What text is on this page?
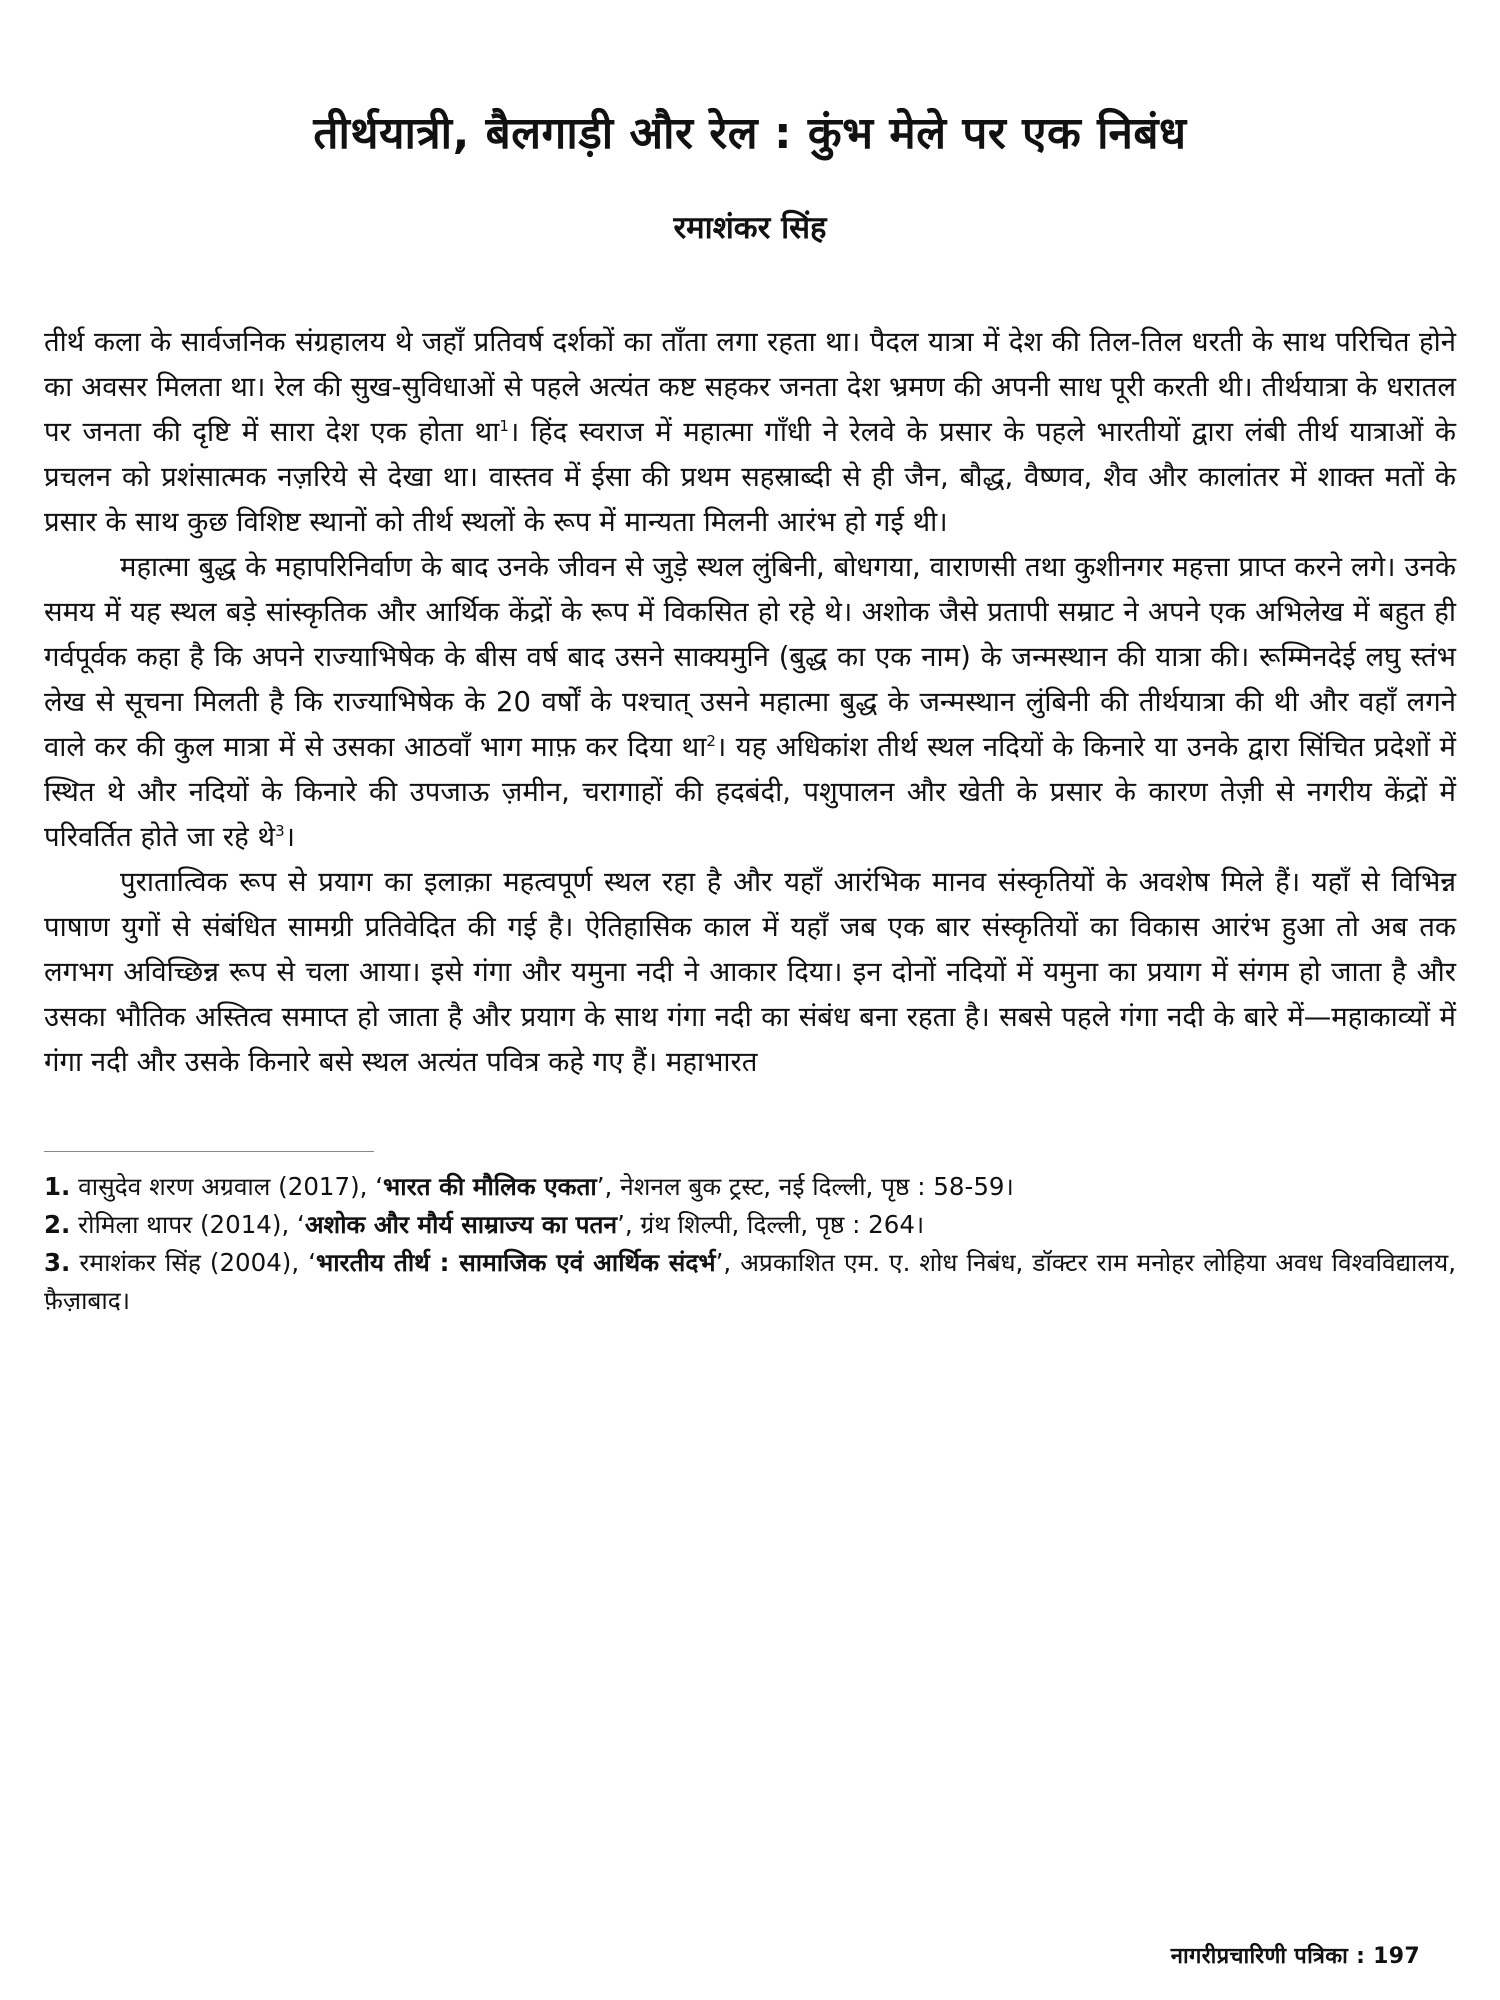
तीर्थयात्री, बैलगाड़ी और रेल : कुंभ मेले पर एक निबंध
रमाशंकर सिंह

तीर्थ कला के सार्वजनिक संग्रहालय थे जहाँ प्रतिवर्ष दर्शकों का ताँता लगा रहता था। पैदल यात्रा में देश की तिल-तिल धरती के साथ परिचित होने का अवसर मिलता था। रेल की सुख-सुविधाओं से पहले अत्यंत कष्ट सहकर जनता देश भ्रमण की अपनी साध पूरी करती थी। तीर्थयात्रा के धरातल पर जनता की दृष्टि में सारा देश एक होता था$^1$। हिंद स्वराज में महात्मा गाँधी ने रेलवे के प्रसार के पहले भारतीयों द्वारा लंबी तीर्थ यात्राओं के प्रचलन को प्रशंसात्मक नज़रिये से देखा था। वास्तव में ईसा की प्रथम सहस्राब्दी से ही जैन, बौद्ध, वैष्णव, शैव और कालांतर में शाक्त मतों के प्रसार के साथ कुछ विशिष्ट स्थानों को तीर्थ स्थलों के रूप में मान्यता मिलनी आरंभ हो गई थी।

महात्मा बुद्ध के महापरिनिर्वाण के बाद उनके जीवन से जुड़े स्थल लुंबिनी, बोधगया, वाराणसी तथा कुशीनगर महत्ता प्राप्त करने लगे। उनके समय में यह स्थल बड़े सांस्कृतिक और आर्थिक केंद्रों के रूप में विकसित हो रहे थे। अशोक जैसे प्रतापी सम्राट ने अपने एक अभिलेख में बहुत ही गर्वपूर्वक कहा है कि अपने राज्याभिषेक के बीस वर्ष बाद उसने साक्यमुनि (बुद्ध का एक नाम) के जन्मस्थान की यात्रा की। रूम्मिनदेई लघु स्तंभ लेख से सूचना मिलती है कि राज्याभिषेक के 20 वर्षों के पश्चात् उसने महात्मा बुद्ध के जन्मस्थान लुंबिनी की तीर्थयात्रा की थी और वहाँ लगने वाले कर की कुल मात्रा में से उसका आठवाँ भाग माफ़ कर दिया था$^2$। यह अधिकांश तीर्थ स्थल नदियों के किनारे या उनके द्वारा सिंचित प्रदेशों में स्थित थे और नदियों के किनारे की उपजाऊ ज़मीन, चरागाहों की हदबंदी, पशुपालन और खेती के प्रसार के कारण तेज़ी से नगरीय केंद्रों में परिवर्तित होते जा रहे थे$^3$।

पुरातात्विक रूप से प्रयाग का इलाक़ा महत्वपूर्ण स्थल रहा है और यहाँ आरंभिक मानव संस्कृतियों के अवशेष मिले हैं। यहाँ से विभिन्न पाषाण युगों से संबंधित सामग्री प्रतिवेदित की गई है। ऐतिहासिक काल में यहाँ जब एक बार संस्कृतियों का विकास आरंभ हुआ तो अब तक लगभग अविच्छिन्न रूप से चला आया। इसे गंगा और यमुना नदी ने आकार दिया। इन दोनों नदियों में यमुना का प्रयाग में संगम हो जाता है और उसका भौतिक अस्तित्व समाप्त हो जाता है और प्रयाग के साथ गंगा नदी का संबंध बना रहता है। सबसे पहले गंगा नदी के बारे में—महाकाव्यों में गंगा नदी और उसके किनारे बसे स्थल अत्यंत पवित्र कहे गए हैं। महाभारत

1. वासुदेव शरण अग्रवाल (2017), ‘भारत की मौलिक एकता’, नेशनल बुक ट्रस्ट, नई दिल्ली, पृष्ठ : 58-59।

2. रोमिला थापर (2014), ‘अशोक और मौर्य साम्राज्य का पतन’, ग्रंथ शिल्पी, दिल्ली, पृष्ठ : 264।

3. रमाशंकर सिंह (2004), ‘भारतीय तीर्थ : सामाजिक एवं आर्थिक संदर्भ’, अप्रकाशित एम. ए. शोध निबंध, डॉक्टर राम मनोहर लोहिया अवध विश्वविद्यालय, फ़ैज़ाबाद।

नागरीप्रचारिणी पत्रिका : 197
